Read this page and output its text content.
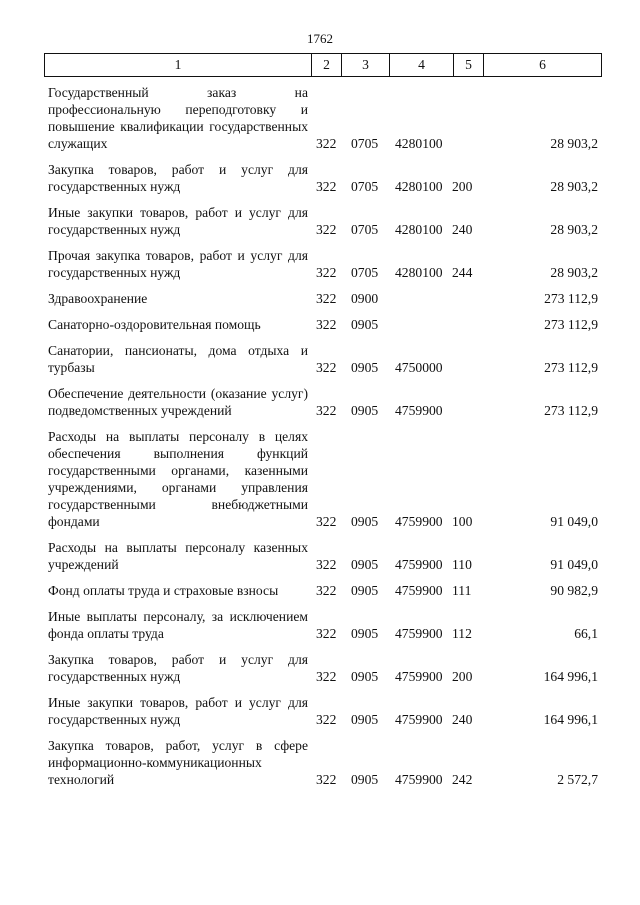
1762
1	2	3	4	5	6
Государственный заказ на профессиональную переподготовку и повышение квалификации государственных служащих	322 0705 4280100	28 903,2
Закупка товаров, работ и услуг для государственных нужд	322 0705 4280100 200	28 903,2
Иные закупки товаров, работ и услуг для государственных нужд	322 0705 4280100 240	28 903,2
Прочая закупка товаров, работ и услуг для государственных нужд	322 0705 4280100 244	28 903,2
Здравоохранение	322 0900	273 112,9
Санаторно-оздоровительная помощь	322 0905	273 112,9
Санатории, пансионаты, дома отдыха и турбазы	322 0905 4750000	273 112,9
Обеспечение деятельности (оказание услуг) подведомственных учреждений	322 0905 4759900	273 112,9
Расходы на выплаты персоналу в целях обеспечения выполнения функций государственными органами, казенными учреждениями, органами управления государственными внебюджетными фондами	322 0905 4759900 100	91 049,0
Расходы на выплаты персоналу казенных учреждений	322 0905 4759900 110	91 049,0
Фонд оплаты труда и страховые взносы	322 0905 4759900 111	90 982,9
Иные выплаты персоналу, за исключением фонда оплаты труда	322 0905 4759900 112	66,1
Закупка товаров, работ и услуг для государственных нужд	322 0905 4759900 200	164 996,1
Иные закупки товаров, работ и услуг для государственных нужд	322 0905 4759900 240	164 996,1
Закупка товаров, работ, услуг в сфере информационно-коммуникационных технологий	322 0905 4759900 242	2 572,7
